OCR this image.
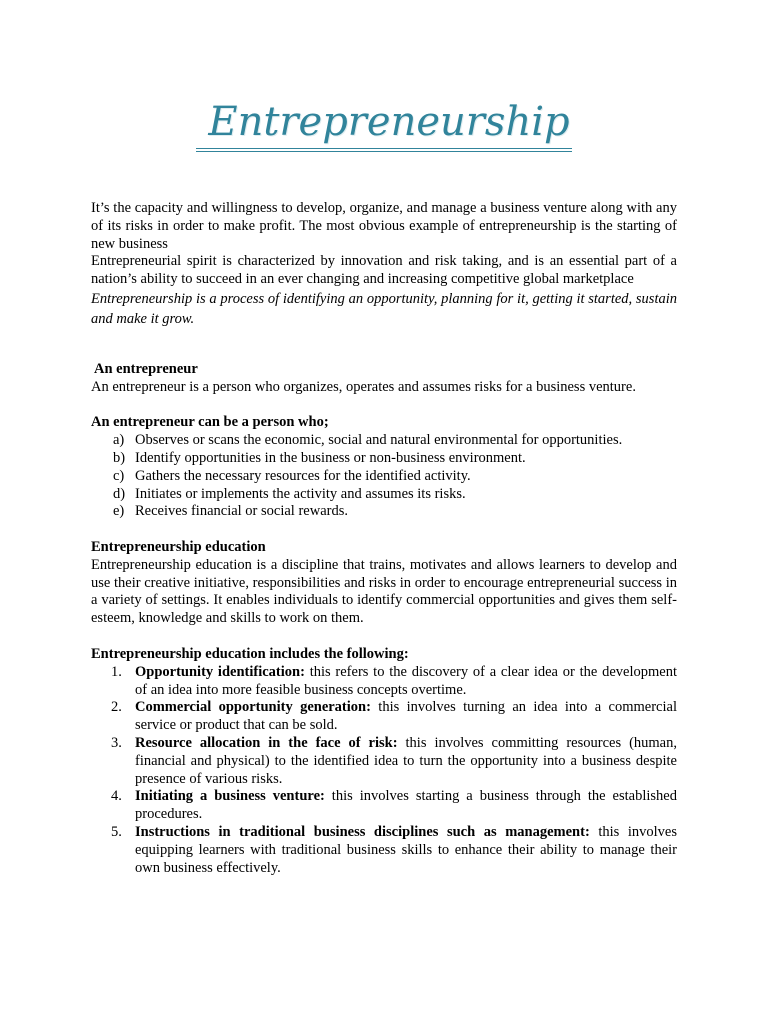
Entrepreneurship

It’s the capacity and willingness to develop, organize, and manage a business venture along with any of its risks in order to make profit. The most obvious example of entrepreneurship is the starting of new business

Entrepreneurial spirit is characterized by innovation and risk taking, and is an essential part of a nation’s ability to succeed in an ever changing and increasing competitive global marketplace

Entrepreneurship is a process of identifying an opportunity, planning for it, getting it started, sustain and make it grow.

An entrepreneur

An entrepreneur is a person who organizes, operates and assumes risks for a business venture.

An entrepreneur can be a person who;
a) Observes or scans the economic, social and natural environmental for opportunities.
b) Identify opportunities in the business or non-business environment.
c) Gathers the necessary resources for the identified activity.
d) Initiates or implements the activity and assumes its risks.
e) Receives financial or social rewards.
Entrepreneurship education

Entrepreneurship education is a discipline that trains, motivates and allows learners to develop and use their creative initiative, responsibilities and risks in order to encourage entrepreneurial success in a variety of settings. It enables individuals to identify commercial opportunities and gives them self-esteem, knowledge and skills to work on them.

Entrepreneurship education includes the following:
1. Opportunity identification: this refers to the discovery of a clear idea or the development of an idea into more feasible business concepts overtime.
2. Commercial opportunity generation: this involves turning an idea into a commercial service or product that can be sold.
3. Resource allocation in the face of risk: this involves committing resources (human, financial and physical) to the identified idea to turn the opportunity into a business despite presence of various risks.
4. Initiating a business venture: this involves starting a business through the established procedures.
5. Instructions in traditional business disciplines such as management: this involves equipping learners with traditional business skills to enhance their ability to manage their own business effectively.
